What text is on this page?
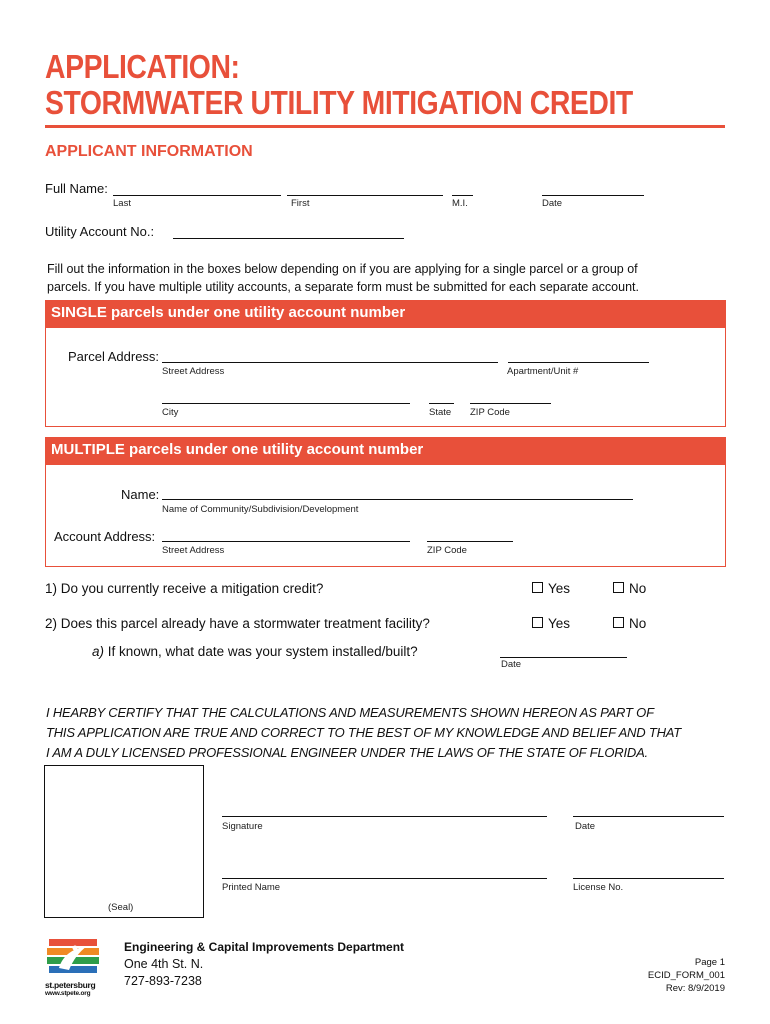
APPLICATION:
STORMWATER UTILITY MITIGATION CREDIT
APPLICANT INFORMATION
Full Name:
Last	First	M.I.	Date
Utility Account No.:
Fill out the information in the boxes below depending on if you are applying for a single parcel or a group of
parcels. If you have multiple utility accounts, a separate form must be submitted for each separate account.
SINGLE parcels under one utility account number
Parcel Address:
Street Address	Apartment/Unit #
City	State ZIP Code
MULTIPLE parcels under one utility account number
Name:
Name of Community/Subdivision/Development
Account Address:
Street Address	ZIP Code
1) Do you currently receive a mitigation credit?	Yes	No
2) Does this parcel already have a stormwater treatment facility?	Yes	No
a) If known, what date was your system installed/built?
Date
I HEARBY CERTIFY THAT THE CALCULATIONS AND MEASUREMENTS SHOWN HEREON AS PART OF
THIS APPLICATION ARE TRUE AND CORRECT TO THE BEST OF MY KNOWLEDGE AND BELIEF AND THAT
I AM A DULY LICENSED PROFESSIONAL ENGINEER UNDER THE LAWS OF THE STATE OF FLORIDA.
(Seal)
Signature	Date
Printed Name	License No.
st.petersburg
www.stpete.org
Engineering & Capital Improvements Department
One 4th St. N.
727-893-7238
Page 1
ECID_FORM_001
Rev: 8/9/2019
